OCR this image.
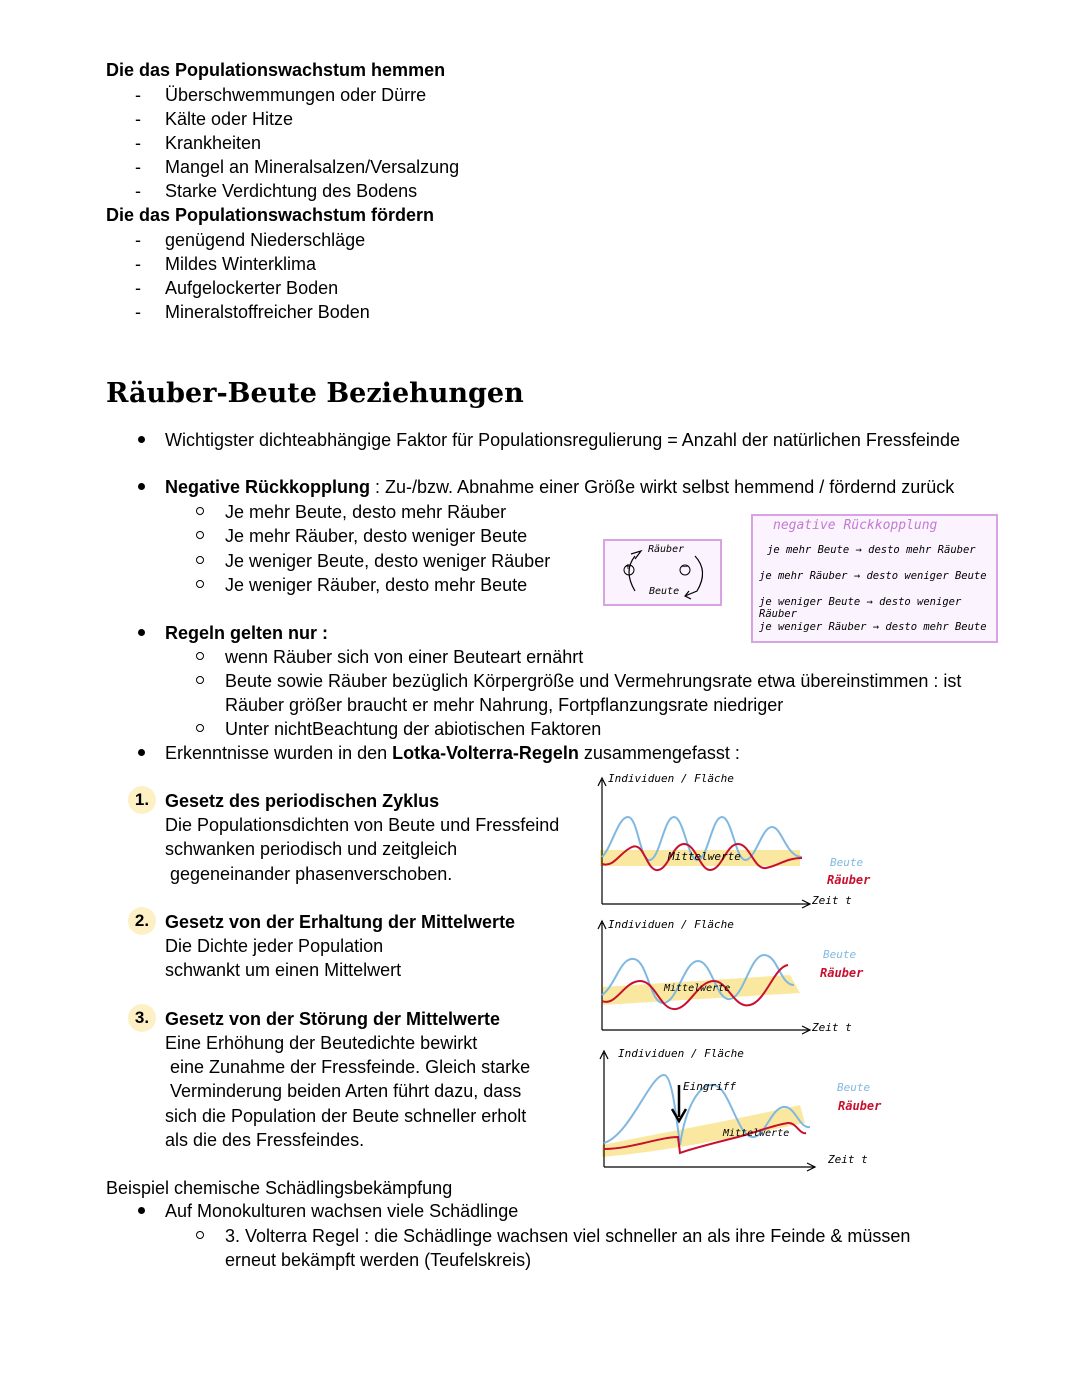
Die das Populationswachstum hemmen
- Überschwemmungen oder Dürre
- Kälte oder Hitze
- Krankheiten
- Mangel an Mineralsalzen/Versalzung
- Starke Verdichtung des Bodens
Die das Populationswachstum fördern
- genügend Niederschläge
- Mildes Winterklima
- Aufgelockerter Boden
- Mineralstoffreicher Boden
Räuber-Beute Beziehungen
Wichtigster dichteabhängige Faktor für Populationsregulierung = Anzahl der natürlichen Fressfeinde
Negative Rückkopplung : Zu-/bzw. Abnahme einer Größe wirkt selbst hemmend / fördernd zurück
Je mehr Beute, desto mehr Räuber
Je mehr Räuber, desto weniger Beute
Je weniger Beute, desto weniger Räuber
Je weniger Räuber, desto mehr Beute
Räuber
Beute
+	−
negative Rückkopplung
je mehr Beute → desto mehr Räuber
je mehr Räuber → desto weniger Beute
je weniger Beute → desto weniger Räuber
je weniger Räuber → desto mehr Beute
Regeln gelten nur :
wenn Räuber sich von einer Beuteart ernährt
Beute sowie Räuber bezüglich Körpergröße und Vermehrungsrate etwa übereinstimmen : ist
Räuber größer braucht er mehr Nahrung, Fortpflanzungsrate niedriger
Unter nichtBeachtung der abiotischen Faktoren
Erkenntnisse wurden in den Lotka-Volterra-Regeln zusammengefasst :
1. Gesetz des periodischen Zyklus
Die Populationsdichten von Beute und Fressfeind
schwanken periodisch und zeitgleich
gegeneinander phasenverschoben.
2. Gesetz von der Erhaltung der Mittelwerte
Die Dichte jeder Population
schwankt um einen Mittelwert
3. Gesetz von der Störung der Mittelwerte
Eine Erhöhung der Beutedichte bewirkt
eine Zunahme der Fressfeinde. Gleich starke
Verminderung beiden Arten führt dazu, dass
sich die Population der Beute schneller erholt
als die des Fressfeindes.
Individuen / Fläche
Mittelwerte	Beute
Räuber
Zeit t
Individuen / Fläche
Mittelwerte
Beute
Räuber
Zeit t
Individuen / Fläche
Eingriff
Mittelwerte
Beute
Räuber
Zeit t
Beispiel chemische Schädlingsbekämpfung
Auf Monokulturen wachsen viele Schädlinge
3. Volterra Regel : die Schädlinge wachsen viel schneller an als ihre Feinde & müssen
erneut bekämpft werden (Teufelskreis)
